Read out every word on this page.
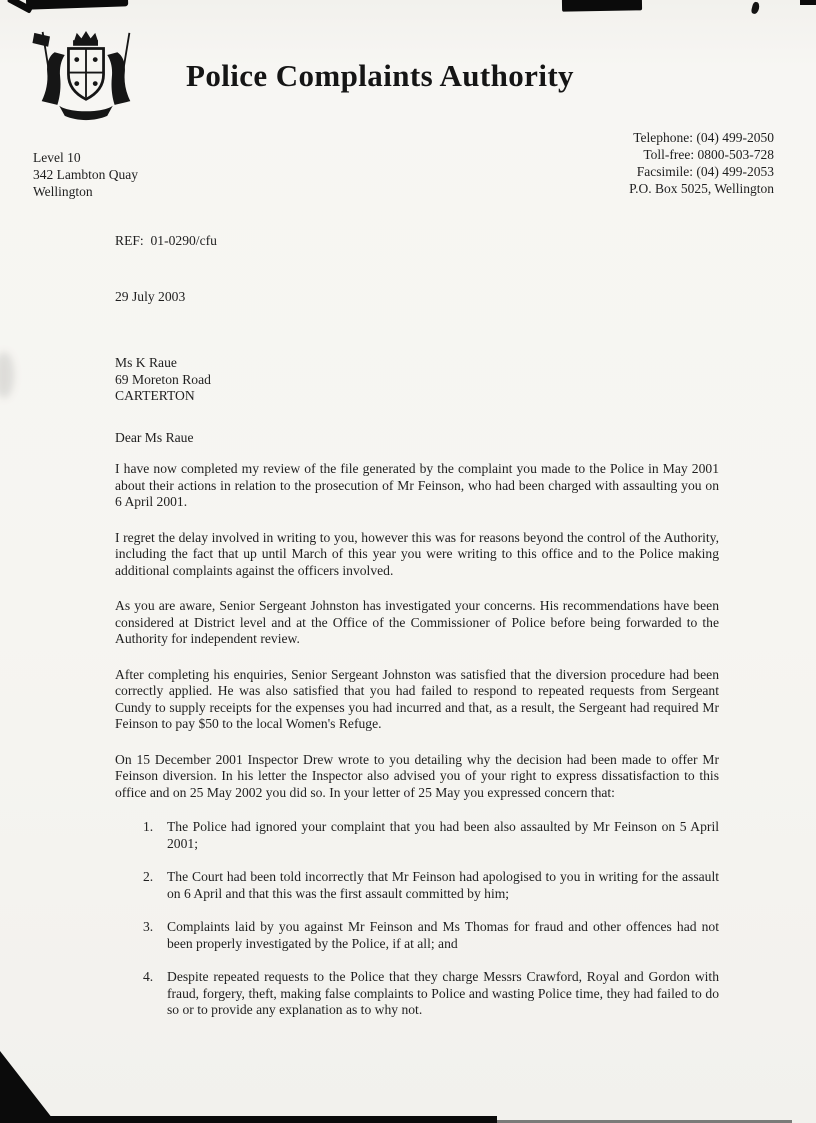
Police Complaints Authority
Telephone: (04) 499-2050
Toll-free: 0800-503-728
Facsimile: (04) 499-2053
P.O. Box 5025, Wellington
Level 10
342 Lambton Quay
Wellington
REF:  01-0290/cfu
29 July 2003
Ms K Raue
69 Moreton Road
CARTERTON
Dear Ms Raue

I have now completed my review of the file generated by the complaint you made to the Police in May 2001 about their actions in relation to the prosecution of Mr Feinson, who had been charged with assaulting you on 6 April 2001.

I regret the delay involved in writing to you, however this was for reasons beyond the control of the Authority, including the fact that up until March of this year you were writing to this office and to the Police making additional complaints against the officers involved.

As you are aware, Senior Sergeant Johnston has investigated your concerns. His recommendations have been considered at District level and at the Office of the Commissioner of Police before being forwarded to the Authority for independent review.

After completing his enquiries, Senior Sergeant Johnston was satisfied that the diversion procedure had been correctly applied. He was also satisfied that you had failed to respond to repeated requests from Sergeant Cundy to supply receipts for the expenses you had incurred and that, as a result, the Sergeant had required Mr Feinson to pay $50 to the local Women's Refuge.

On 15 December 2001 Inspector Drew wrote to you detailing why the decision had been made to offer Mr Feinson diversion. In his letter the Inspector also advised you of your right to express dissatisfaction to this office and on 25 May 2002 you did so. In your letter of 25 May you expressed concern that:

1.	The Police had ignored your complaint that you had been also assaulted by Mr Feinson on 5 April 2001;
2.	The Court had been told incorrectly that Mr Feinson had apologised to you in writing for the assault on 6 April and that this was the first assault committed by him;
3.	Complaints laid by you against Mr Feinson and Ms Thomas for fraud and other offences had not been properly investigated by the Police, if at all; and
4.	Despite repeated requests to the Police that they charge Messrs Crawford, Royal and Gordon with fraud, forgery, theft, making false complaints to Police and wasting Police time, they had failed to do so or to provide any explanation as to why not.
